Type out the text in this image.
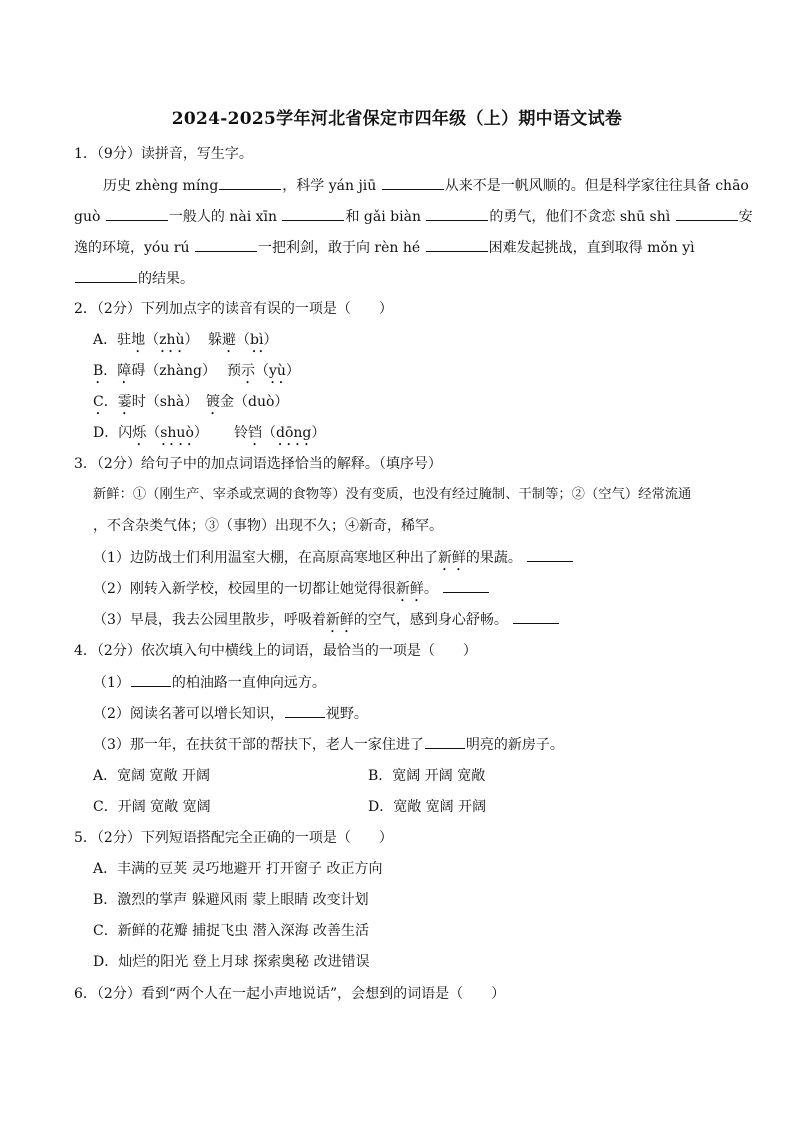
2024-2025学年河北省保定市四年级（上）期中语文试卷
1．（9分）读拼音，写生字。
历史 zhèng míng	，科学 yán jiū	从来不是一帆风顺的。但是科学家往往具备 chāo
guò	一般人的 nài xīn	和 gǎi biàn	的勇气，他们不贪恋 shū shì	安
逸的环境，yóu rú	一把利剑，敢于向 rèn hé	困难发起挑战，直到取得 mǒn yì
的结果。
2．（2分）下列加点字的读音有误的一项是（　　）
A．驻地（zhù） 躲避（bì）
B．障碍（zhàng） 预示（yù）
C．霎时（shà） 镀金（duò）
D．闪烁（shuò） 铃铛（dōng）
3．（2分）给句子中的加点词语选择恰当的解释。（填序号）
新鲜：①（刚生产、宰杀或烹调的食物等）没有变质，也没有经过腌制、干制等；②（空气）经常流通
，不含杂类气体；③（事物）出现不久；④新奇，稀罕。
（1）边防战士们利用温室大棚，在高原高寒地区种出了新鲜的果蔬。
（2）刚转入新学校，校园里的一切都让她觉得很新鲜。
（3）早晨，我去公园里散步，呼吸着新鲜的空气，感到身心舒畅。
4．（2分）依次填入句中横线上的词语，最恰当的一项是（　　）
（1）	的柏油路一直伸向远方。
（2）阅读名著可以增长知识，	视野。
（3）那一年，在扶贫干部的帮扶下，老人一家住进了	明亮的新房子。
A．宽阔 宽敞 开阔	B．宽阔 开阔 宽敞
C．开阔 宽敞 宽阔	D．宽敞 宽阔 开阔
5．（2分）下列短语搭配完全正确的一项是（　　）
A．丰满的豆荚 灵巧地避开 打开窗子 改正方向
B．激烈的掌声 躲避风雨 蒙上眼睛 改变计划
C．新鲜的花瓣 捕捉飞虫 潜入深海 改善生活
D．灿烂的阳光 登上月球 探索奥秘 改进错误
6．（2分）看到“两个人在一起小声地说话”，会想到的词语是（　　）
